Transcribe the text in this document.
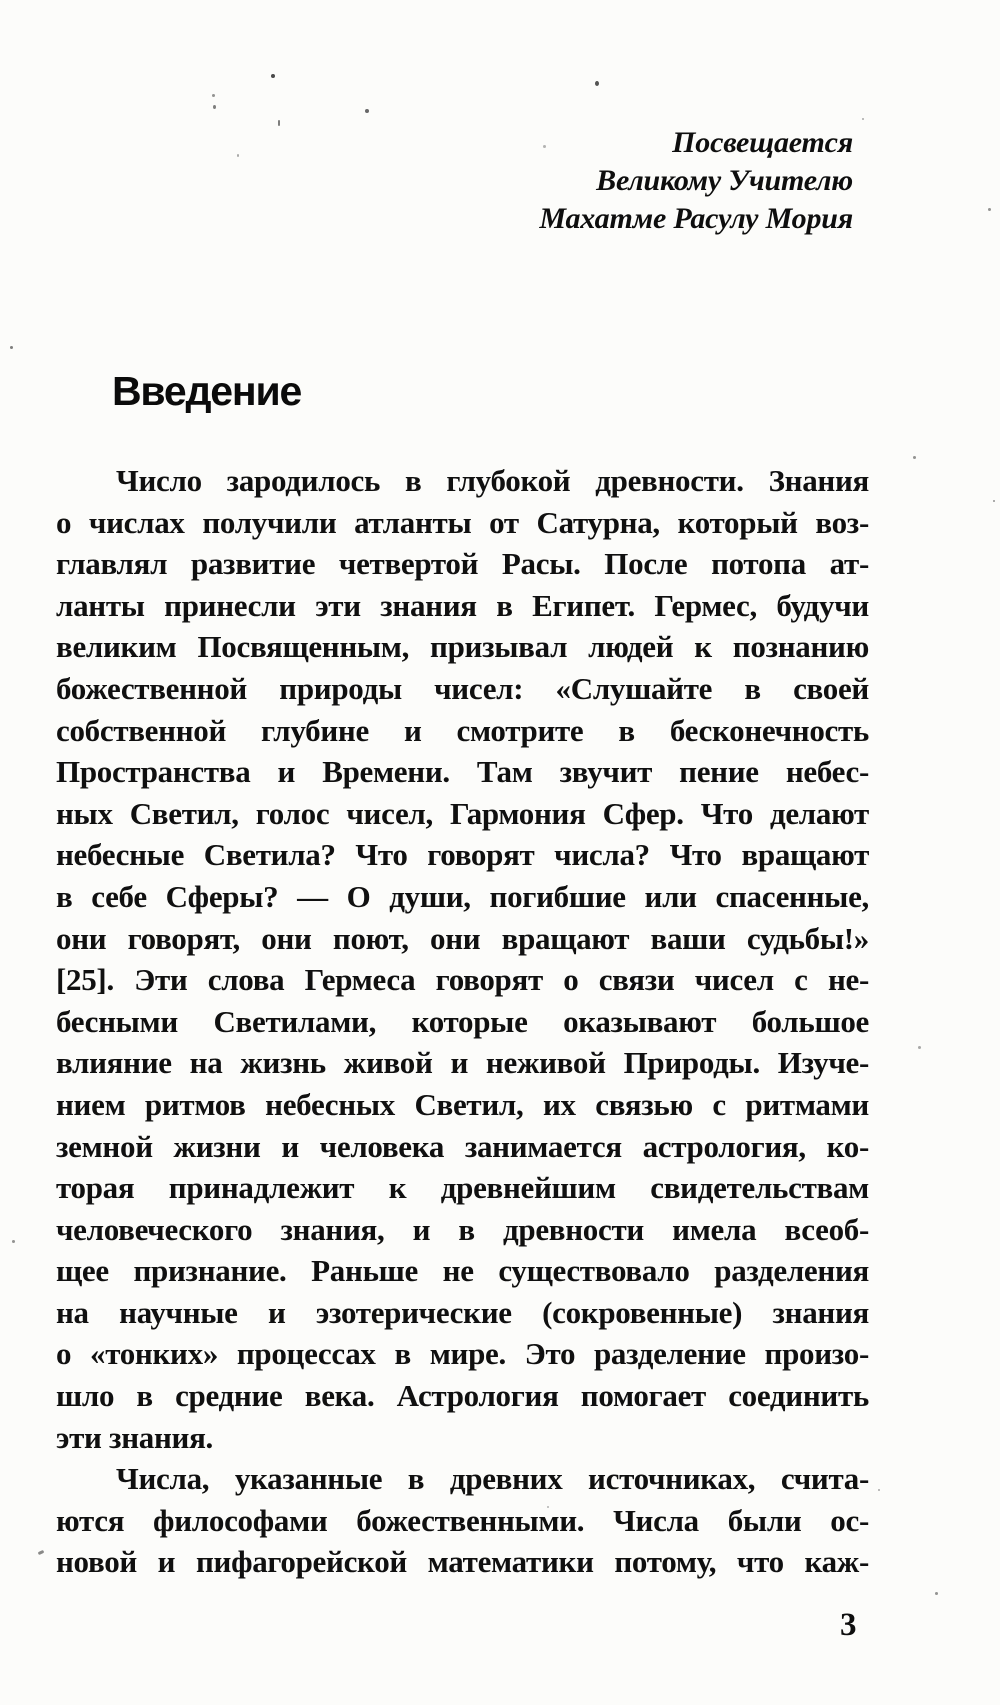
Посвещается
Великому Учителю
Махатме Расулу Мория
Введение
Число зародилось в глубокой древности. Знания
о числах получили атланты от Сатурна, который воз-
главлял развитие четвертой Расы. После потопа ат-
ланты принесли эти знания в Египет. Гермес, будучи
великим Посвященным, призывал людей к познанию
божественной природы чисел: «Слушайте в своей
собственной глубине и смотрите в бесконечность
Пространства и Времени. Там звучит пение небес-
ных Светил, голос чисел, Гармония Сфер. Что делают
небесные Светила? Что говорят числа? Что вращают
в себе Сферы? — О души, погибшие или спасенные,
они говорят, они поют, они вращают ваши судьбы!»
[25]. Эти слова Гермеса говорят о связи чисел с не-
бесными Светилами, которые оказывают большое
влияние на жизнь живой и неживой Природы. Изуче-
нием ритмов небесных Светил, их связью с ритмами
земной жизни и человека занимается астрология, ко-
торая принадлежит к древнейшим свидетельствам
человеческого знания, и в древности имела всеоб-
щее признание. Раньше не существовало разделения
на научные и эзотерические (сокровенные) знания
о «тонких» процессах в мире. Это разделение произо-
шло в средние века. Астрология помогает соединить
эти знания.
Числа, указанные в древних источниках, счита-
ются философами божественными. Числа были ос-
новой и пифагорейской математики потому, что каж-
3
